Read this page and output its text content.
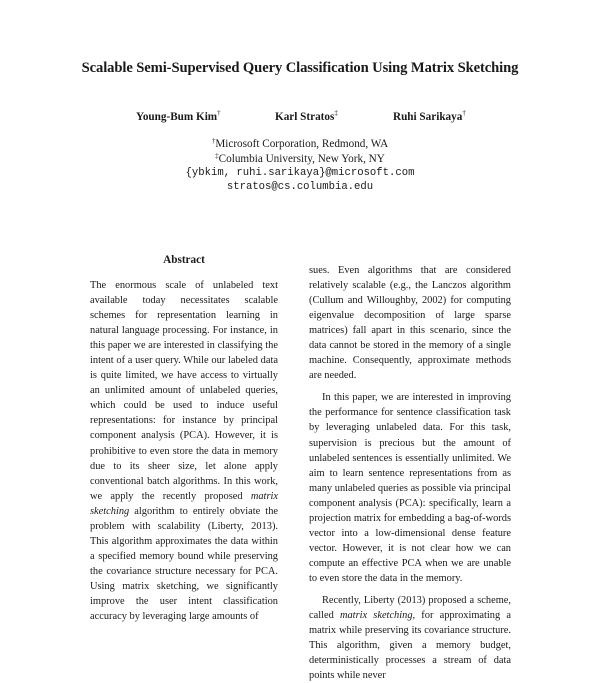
Scalable Semi-Supervised Query Classification Using Matrix Sketching
Young-Bum Kim†	Karl Stratos‡	Ruhi Sarikaya†
†Microsoft Corporation, Redmond, WA
‡Columbia University, New York, NY
{ybkim, ruhi.sarikaya}@microsoft.com
stratos@cs.columbia.edu
Abstract

The enormous scale of unlabeled text available today necessitates scalable schemes for representation learning in natural language processing. For instance, in this paper we are interested in classifying the intent of a user query. While our labeled data is quite limited, we have access to virtually an unlimited amount of unlabeled queries, which could be used to induce useful representations: for instance by principal component analysis (PCA). However, it is prohibitive to even store the data in memory due to its sheer size, let alone apply conventional batch algorithms. In this work, we apply the recently proposed matrix sketching algorithm to entirely obviate the problem with scalability (Liberty, 2013). This algorithm approximates the data within a specified memory bound while preserving the covariance structure necessary for PCA. Using matrix sketching, we significantly improve the user intent classification accuracy by leveraging large amounts of

sues. Even algorithms that are considered relatively scalable (e.g., the Lanczos algorithm (Cullum and Willoughby, 2002) for computing eigenvalue decomposition of large sparse matrices) fall apart in this scenario, since the data cannot be stored in the memory of a single machine. Consequently, approximate methods are needed.

In this paper, we are interested in improving the performance for sentence classification task by leveraging unlabeled data. For this task, supervision is precious but the amount of unlabeled sentences is essentially unlimited. We aim to learn sentence representations from as many unlabeled queries as possible via principal component analysis (PCA): specifically, learn a projection matrix for embedding a bag-of-words vector into a low-dimensional dense feature vector. However, it is not clear how we can compute an effective PCA when we are unable to even store the data in the memory.

Recently, Liberty (2013) proposed a scheme, called matrix sketching, for approximating a matrix while preserving its covariance structure. This algorithm, given a memory budget, deterministically processes a stream of data points while never
